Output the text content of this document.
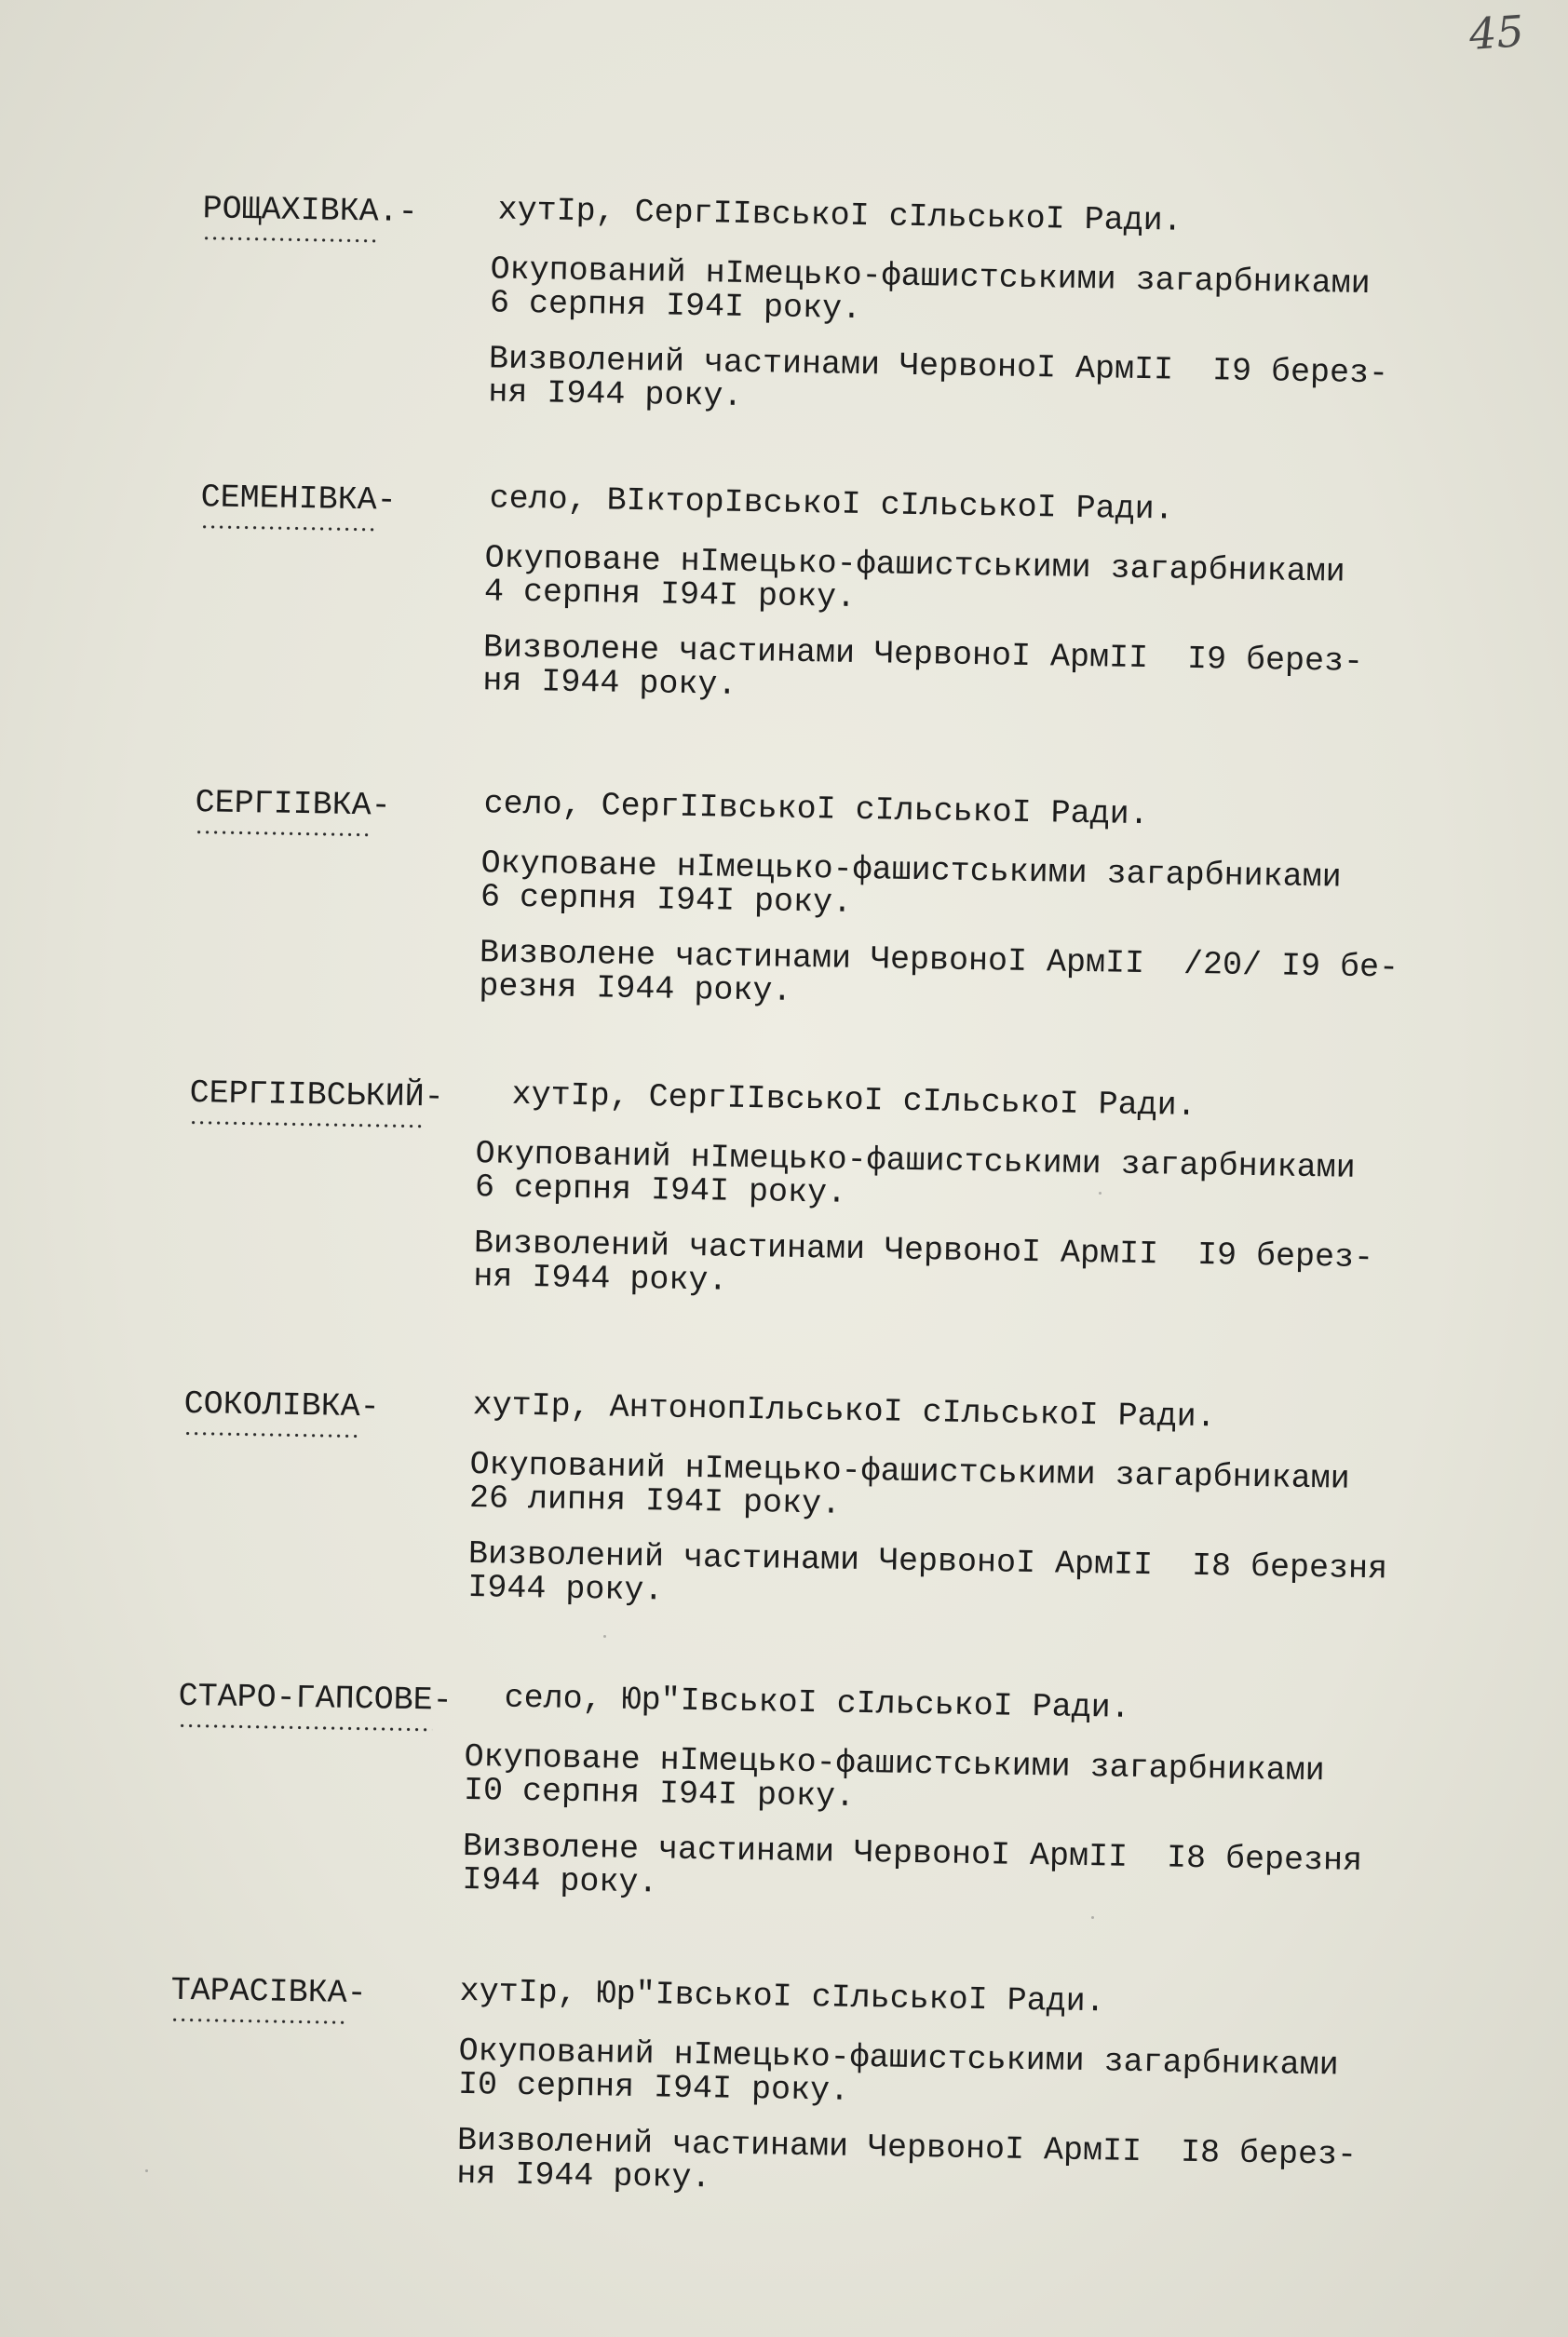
45
РОЩАХІВКА.- хутІр, СергІІвськоІ сІльськоІ Ради.
Окупований нІмецько-фашистськими загарбниками
6 серпня І94І року.
Визволений частинами ЧервоноІ АрмІІ  І9 берез-
ня І944 року.
СЕМЕНІВКА-	село, ВІкторІвськоІ сІльськоІ Ради.
Окуповане нІмецько-фашистськими загарбниками
4 серпня І94І року.
Визволене частинами ЧервоноІ АрмІІ  І9 берез-
ня І944 року.
СЕРГІІВКА-	село, СергІІвськоІ сІльськоІ Ради.
Окуповане нІмецько-фашистськими загарбниками
6 серпня І94І року.
Визволене частинами ЧервоноІ АрмІІ  /20/ І9 бе-
резня І944 року.
СЕРГІІВСЬКИЙ- хутІр, СергІІвськоІ сІльськоІ Ради.
Окупований нІмецько-фашистськими загарбниками
6 серпня І94І року.
Визволений частинами ЧервоноІ АрмІІ  І9 берез-
ня І944 року.
СОКОЛІВКА-	хутІр, АнтонопІльськоІ сІльськоІ Ради.
Окупований нІмецько-фашистськими загарбниками
26 липня І94І року.
Визволений частинами ЧервоноІ АрмІІ  І8 березня
І944 року.
СТАРО-ГАПСОВЕ- село, Юр"ІвськоІ сІльськоІ Ради.
Окуповане нІмецько-фашистськими загарбниками
І0 серпня І94І року.
Визволене частинами ЧервоноІ АрмІІ  І8 березня
І944 року.
ТАРАСІВКА-	хутІр, Юр"ІвськоІ сІльськоІ Ради.
Окупований нІмецько-фашистськими загарбниками
І0 серпня І94І року.
Визволений частинами ЧервоноІ АрмІІ  І8 берез-
ня І944 року.
